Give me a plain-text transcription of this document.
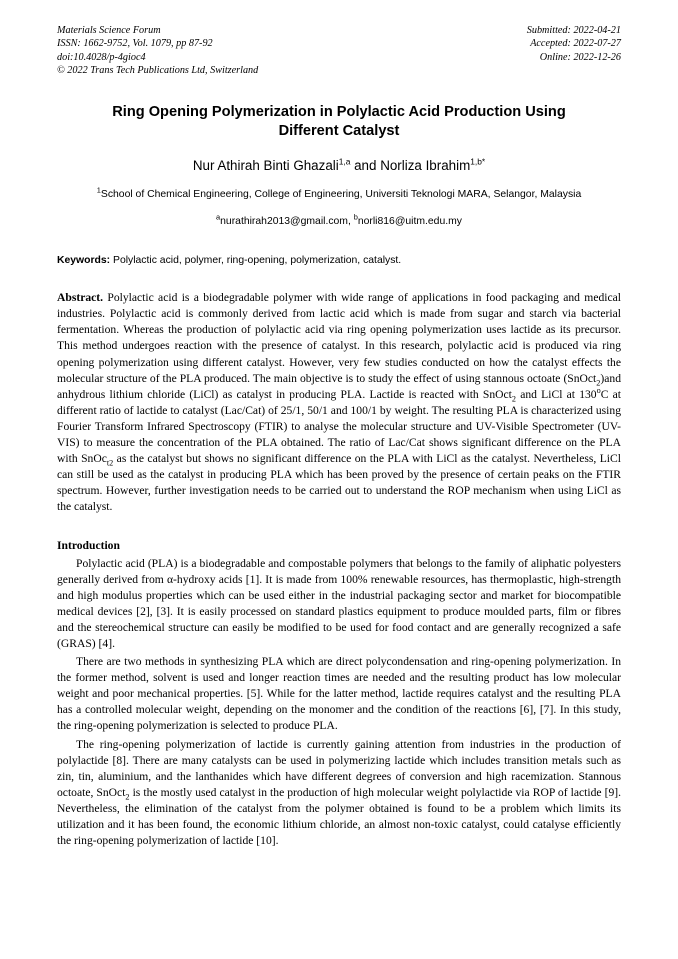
Materials Science Forum
ISSN: 1662-9752, Vol. 1079, pp 87-92
doi:10.4028/p-4gioc4
© 2022 Trans Tech Publications Ltd, Switzerland
Submitted: 2022-04-21
Accepted: 2022-07-27
Online: 2022-12-26
Ring Opening Polymerization in Polylactic Acid Production Using Different Catalyst
Nur Athirah Binti Ghazali$^{1,a}$ and Norliza Ibrahim$^{1,b*}$
$^1$School of Chemical Engineering, College of Engineering, Universiti Teknologi MARA, Selangor, Malaysia
$^a$nurathirah2013@gmail.com, $^b$norli816@uitm.edu.my
Keywords: Polylactic acid, polymer, ring-opening, polymerization, catalyst.
Abstract. Polylactic acid is a biodegradable polymer with wide range of applications in food packaging and medical industries. Polylactic acid is commonly derived from lactic acid which is made from sugar and starch via bacterial fermentation. Whereas the production of polylactic acid via ring opening polymerization uses lactide as its precursor. This method undergoes reaction with the presence of catalyst. In this research, polylactic acid is produced via ring opening polymerization using different catalyst. However, very few studies conducted on how the catalyst effects the molecular structure of the PLA produced. The main objective is to study the effect of using stannous octoate (SnOct$_2$)and anhydrous lithium chloride (LiCl) as catalyst in producing PLA. Lactide is reacted with SnOct$_2$ and LiCl at 130$^o$C at different ratio of lactide to catalyst (Lac/Cat) of 25/1, 50/1 and 100/1 by weight. The resulting PLA is characterized using Fourier Transform Infrared Spectroscopy (FTIR) to analyse the molecular structure and UV-Visible Spectrometer (UV-VIS) to measure the concentration of the PLA obtained. The ratio of Lac/Cat shows significant difference on the PLA with SnOc$_{t2}$ as the catalyst but shows no significant difference on the PLA with LiCl as the catalyst. Nevertheless, LiCl can still be used as the catalyst in producing PLA which has been proved by the presence of certain peaks on the FTIR spectrum. However, further investigation needs to be carried out to understand the ROP mechanism when using LiCl as the catalyst.
Introduction
Polylactic acid (PLA) is a biodegradable and compostable polymers that belongs to the family of aliphatic polyesters generally derived from α-hydroxy acids [1]. It is made from 100% renewable resources, has thermoplastic, high-strength and high modulus properties which can be used either in the industrial packaging sector and market for biocompatible medical devices [2], [3]. It is easily processed on standard plastics equipment to produce moulded parts, film or fibres and the stereochemical structure can easily be modified to be used for food contact and are generally recognized a safe (GRAS) [4].
There are two methods in synthesizing PLA which are direct polycondensation and ring-opening polymerization. In the former method, solvent is used and longer reaction times are needed and the resulting product has low molecular weight and poor mechanical properties. [5]. While for the latter method, lactide requires catalyst and the resulting PLA has a controlled molecular weight, depending on the monomer and the condition of the reactions [6], [7]. In this study, the ring-opening polymerization is selected to produce PLA.
The ring-opening polymerization of lactide is currently gaining attention from industries in the production of polylactide [8]. There are many catalysts can be used in polymerizing lactide which includes transition metals such as zin, tin, aluminium, and the lanthanides which have different degrees of conversion and high racemization. Stannous octoate, SnOct$_2$ is the mostly used catalyst in the production of high molecular weight polylactide via ROP of lactide [9]. Nevertheless, the elimination of the catalyst from the polymer obtained is found to be a problem which limits its utilization and it has been found, the economic lithium chloride, an almost non-toxic catalyst, could catalyse efficiently the ring-opening polymerization of lactide [10].
